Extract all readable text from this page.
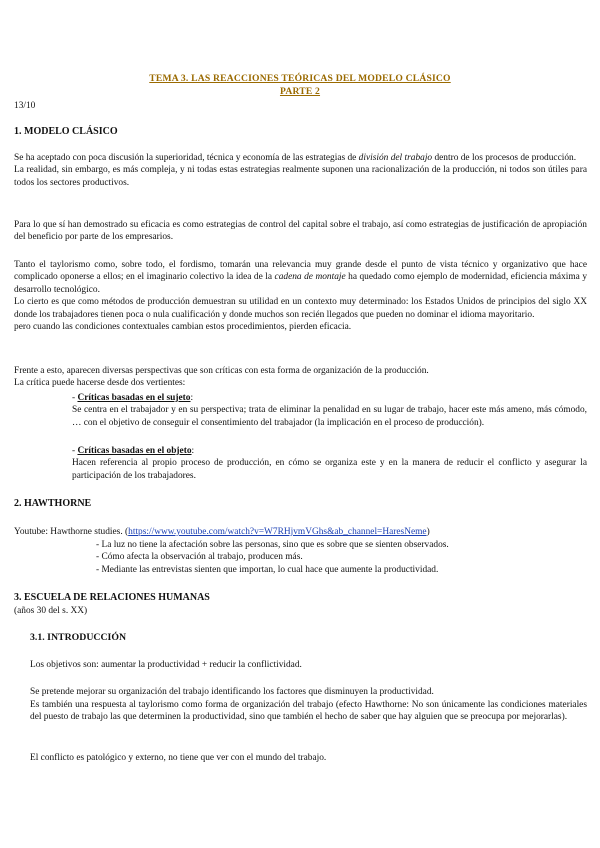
TEMA 3. LAS REACCIONES TEÓRICAS DEL MODELO CLÁSICO
PARTE 2
13/10
1. MODELO CLÁSICO

Se ha aceptado con poca discusión la superioridad, técnica y economía de las estrategias de división del trabajo dentro de los procesos de producción.

La realidad, sin embargo, es más compleja, y ni todas estas estrategias realmente suponen una racionalización de la producción, ni todos son útiles para todos los sectores productivos.

Para lo que sí han demostrado su eficacia es como estrategias de control del capital sobre el trabajo, así como estrategias de justificación de apropiación del beneficio por parte de los empresarios.

Tanto el taylorismo como, sobre todo, el fordismo, tomarán una relevancia muy grande desde el punto de vista técnico y organizativo que hace complicado oponerse a ellos; en el imaginario colectivo la idea de la cadena de montaje ha quedado como ejemplo de modernidad, eficiencia máxima y desarrollo tecnológico.

Lo cierto es que como métodos de producción demuestran su utilidad en un contexto muy determinado: los Estados Unidos de principios del siglo XX donde los trabajadores tienen poca o nula cualificación y donde muchos son recién llegados que pueden no dominar el idioma mayoritario.

pero cuando las condiciones contextuales cambian estos procedimientos, pierden eficacia.

Frente a esto, aparecen diversas perspectivas que son críticas con esta forma de organización de la producción.

La crítica puede hacerse desde dos vertientes:

- Críticas basadas en el sujeto:

Se centra en el trabajador y en su perspectiva; trata de eliminar la penalidad en su lugar de trabajo, hacer este más ameno, más cómodo, … con el objetivo de conseguir el consentimiento del trabajador (la implicación en el proceso de producción).

- Críticas basadas en el objeto:

Hacen referencia al propio proceso de producción, en cómo se organiza este y en la manera de reducir el conflicto y asegurar la participación de los trabajadores.

2. HAWTHORNE

Youtube: Hawthorne studies. (https://www.youtube.com/watch?v=W7RHjvmVGhs&ab_channel=HaresNeme)

- La luz no tiene la afectación sobre las personas, sino que es sobre que se sienten observados.

- Cómo afecta la observación al trabajo, producen más.

- Mediante las entrevistas sienten que importan, lo cual hace que aumente la productividad.

3. ESCUELA DE RELACIONES HUMANAS
(años 30 del s. XX)
3.1. INTRODUCCIÓN
Los objetivos son: aumentar la productividad + reducir la conflictividad.
Se pretende mejorar su organización del trabajo identificando los factores que disminuyen la productividad.
Es también una respuesta al taylorismo como forma de organización del trabajo (efecto Hawthorne: No son únicamente las condiciones materiales del puesto de trabajo las que determinen la productividad, sino que también el hecho de saber que hay alguien que se preocupa por mejorarlas).
El conflicto es patológico y externo, no tiene que ver con el mundo del trabajo.
